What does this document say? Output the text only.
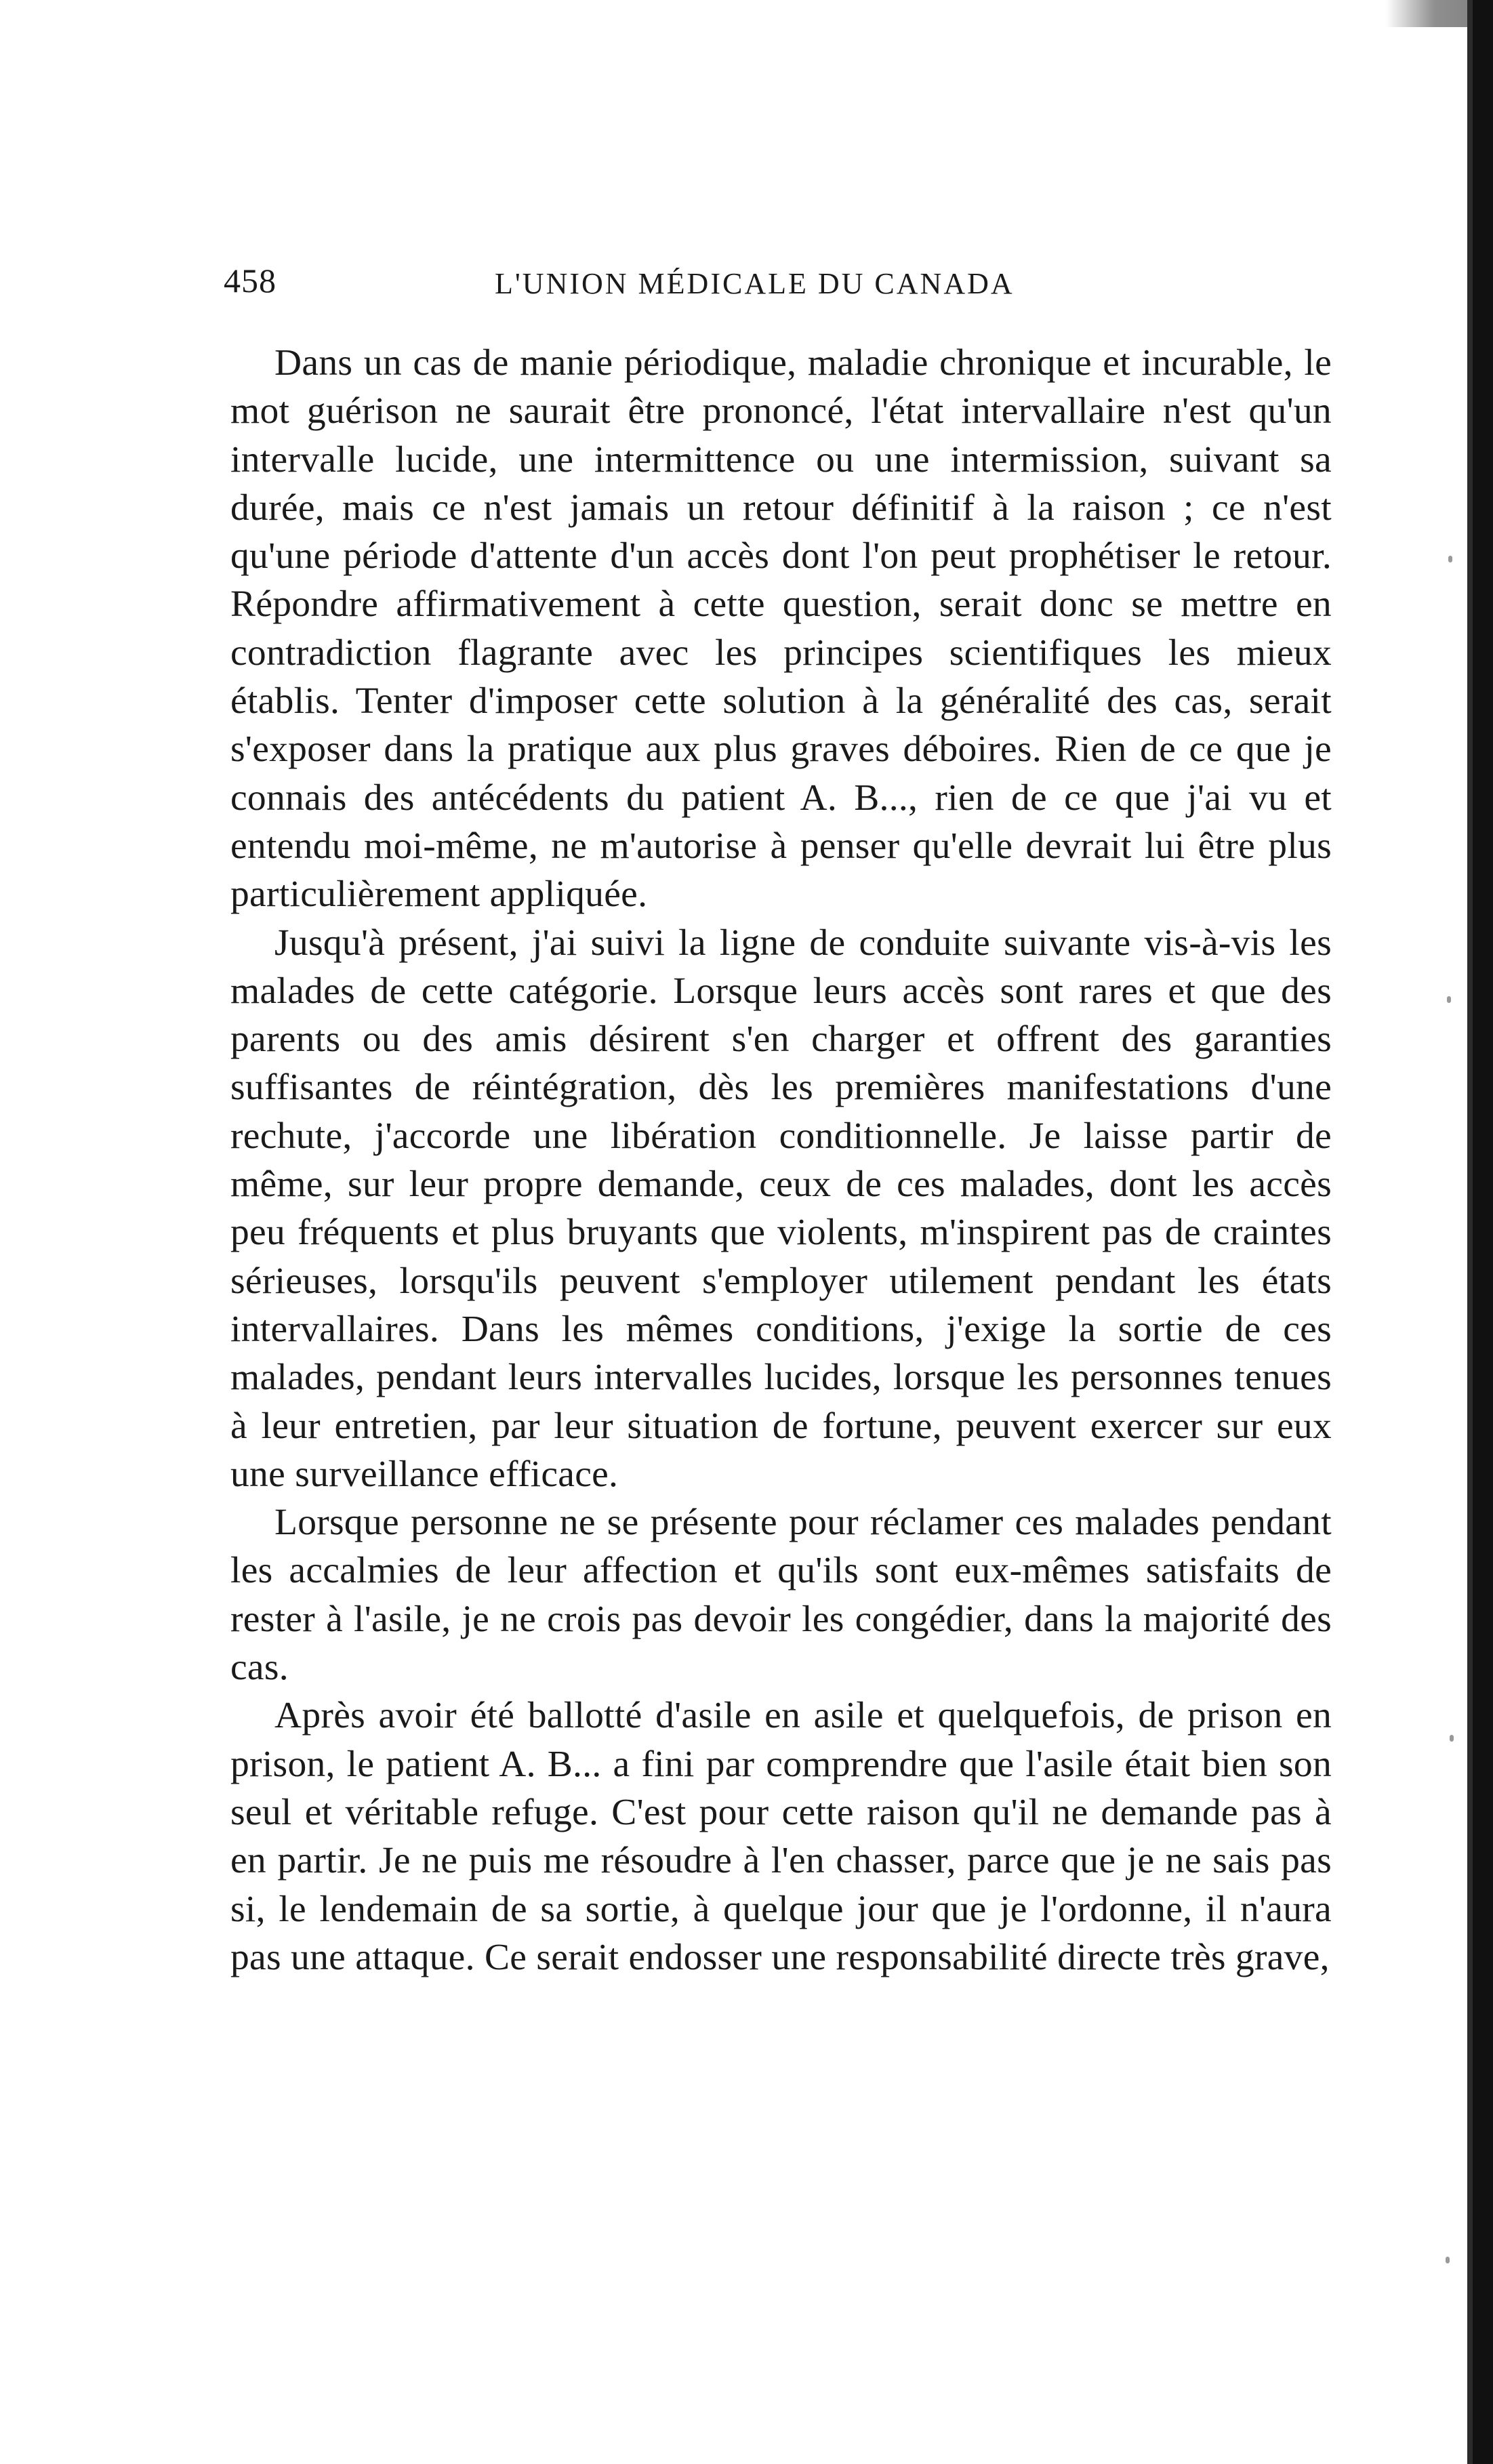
458	L'UNION MÉDICALE DU CANADA

Dans un cas de manie périodique, maladie chronique et incurable, le mot guérison ne saurait être prononcé, l'état intervallaire n'est qu'un intervalle lucide, une intermittence ou une intermission, suivant sa durée, mais ce n'est jamais un retour définitif à la raison ; ce n'est qu'une période d'attente d'un accès dont l'on peut prophétiser le retour. Répondre affirmativement à cette question, serait donc se mettre en contradiction flagrante avec les principes scientifiques les mieux établis. Tenter d'imposer cette solution à la généralité des cas, serait s'exposer dans la pratique aux plus graves déboires. Rien de ce que je connais des antécédents du patient A. B..., rien de ce que j'ai vu et entendu moi-même, ne m'autorise à penser qu'elle devrait lui être plus particulièrement appliquée.

Jusqu'à présent, j'ai suivi la ligne de conduite suivante vis-à-vis les malades de cette catégorie. Lorsque leurs accès sont rares et que des parents ou des amis désirent s'en charger et offrent des garanties suffisantes de réintégration, dès les premières manifestations d'une rechute, j'accorde une libération conditionnelle. Je laisse partir de même, sur leur propre demande, ceux de ces malades, dont les accès peu fréquents et plus bruyants que violents, m'inspirent pas de craintes sérieuses, lorsqu'ils peuvent s'employer utilement pendant les états intervallaires. Dans les mêmes conditions, j'exige la sortie de ces malades, pendant leurs intervalles lucides, lorsque les personnes tenues à leur entretien, par leur situation de fortune, peuvent exercer sur eux une surveillance efficace.

Lorsque personne ne se présente pour réclamer ces malades pendant les accalmies de leur affection et qu'ils sont eux-mêmes satisfaits de rester à l'asile, je ne crois pas devoir les congédier, dans la majorité des cas.

Après avoir été ballotté d'asile en asile et quelquefois, de prison en prison, le patient A. B... a fini par comprendre que l'asile était bien son seul et véritable refuge. C'est pour cette raison qu'il ne demande pas à en partir. Je ne puis me résoudre à l'en chasser, parce que je ne sais pas si, le lendemain de sa sortie, à quelque jour que je l'ordonne, il n'aura pas une attaque. Ce serait endosser une responsabilité directe très grave,
